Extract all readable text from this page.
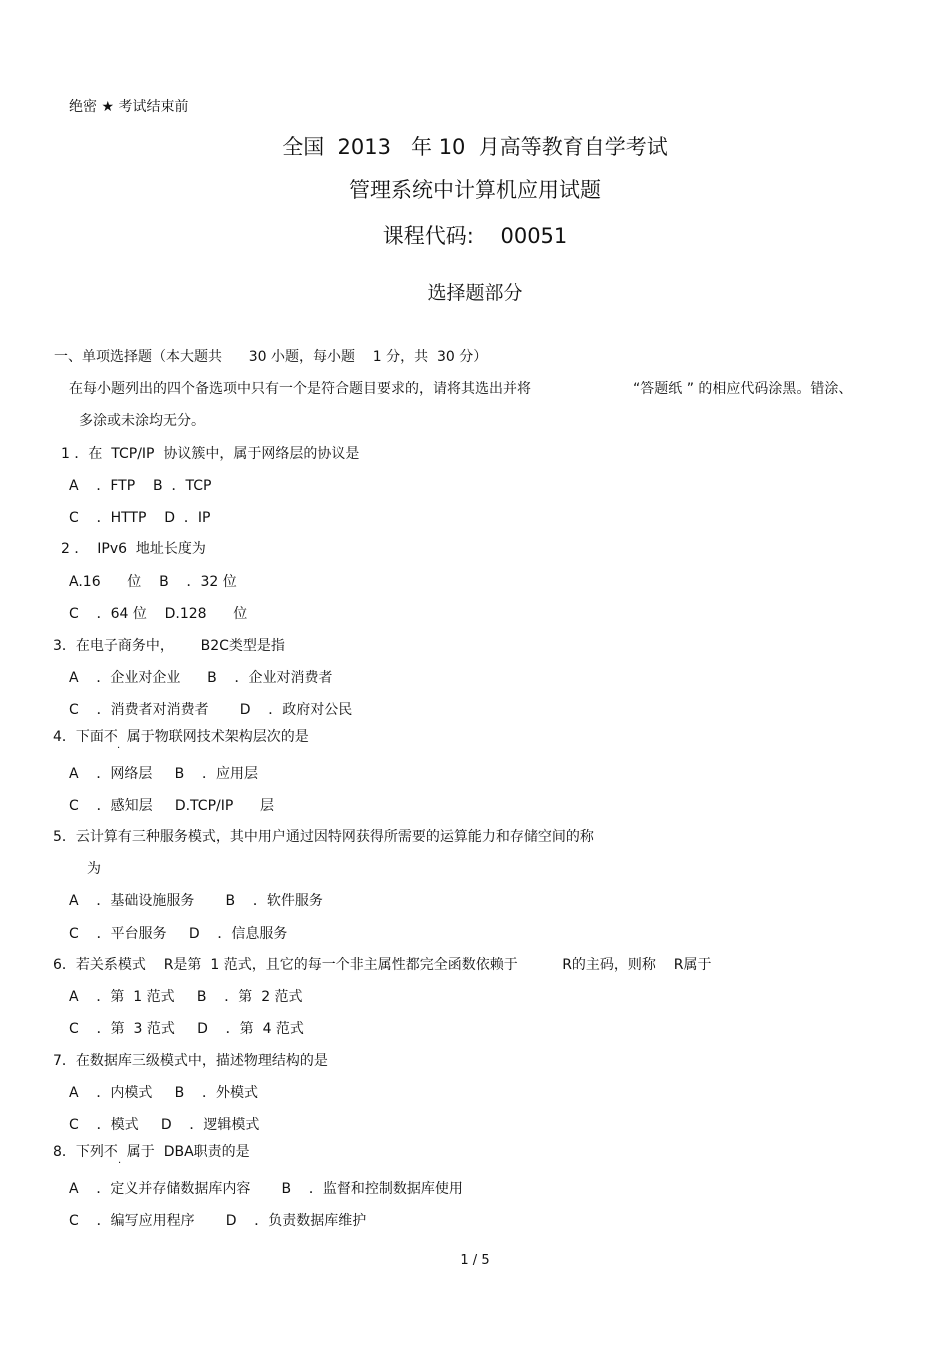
绝密 ★ 考试结束前
全国  2013   年 10  月高等教育自学考试
管理系统中计算机应用试题
课程代码:    00051
选择题部分
一、单项选择题（本大题共      30 小题，每小题    1 分，共  30 分）
在每小题列出的四个备选项中只有一个是符合题目要求的，请将其选出并将	“答题纸 ” 的相应代码涂黑。错涂、
多涂或未涂均无分。
1 ．在  TCP/IP  协议簇中，属于网络层的协议是
A    ．FTP    B  ．TCP
C    ．HTTP    D  ．IP
2 ．  IPv6  地址长度为
A.16      位    B    ．32 位
C    ．64 位    D.128      位
3．在电子商务中，      B2C类型是指
A    ．企业对企业      B    ．企业对消费者
C    ．消费者对消费者       D    ．政府对公民
4．下面不  属于物联网技术架构层次的是
·
A    ．网络层     B    ．应用层
C    ．感知层     D.TCP/IP      层
5．云计算有三种服务模式，其中用户通过因特网获得所需要的运算能力和存储空间的称
为
A    ．基础设施服务       B    ．软件服务
C    ．平台服务     D    ．信息服务
6．若关系模式    R是第  1 范式，且它的每一个非主属性都完全函数依赖于          R的主码，则称    R属于
A    ．第  1 范式     B    ．第  2 范式
C    ．第  3 范式     D    ．第  4 范式
7．在数据库三级模式中，描述物理结构的是
A    ．内模式     B    ．外模式
C    ．模式     D    ．逻辑模式
8．下列不  属于  DBA职责的是
·
A    ．定义并存储数据库内容       B    ．监督和控制数据库使用
C    ．编写应用程序       D    ．负责数据库维护
1 / 5
